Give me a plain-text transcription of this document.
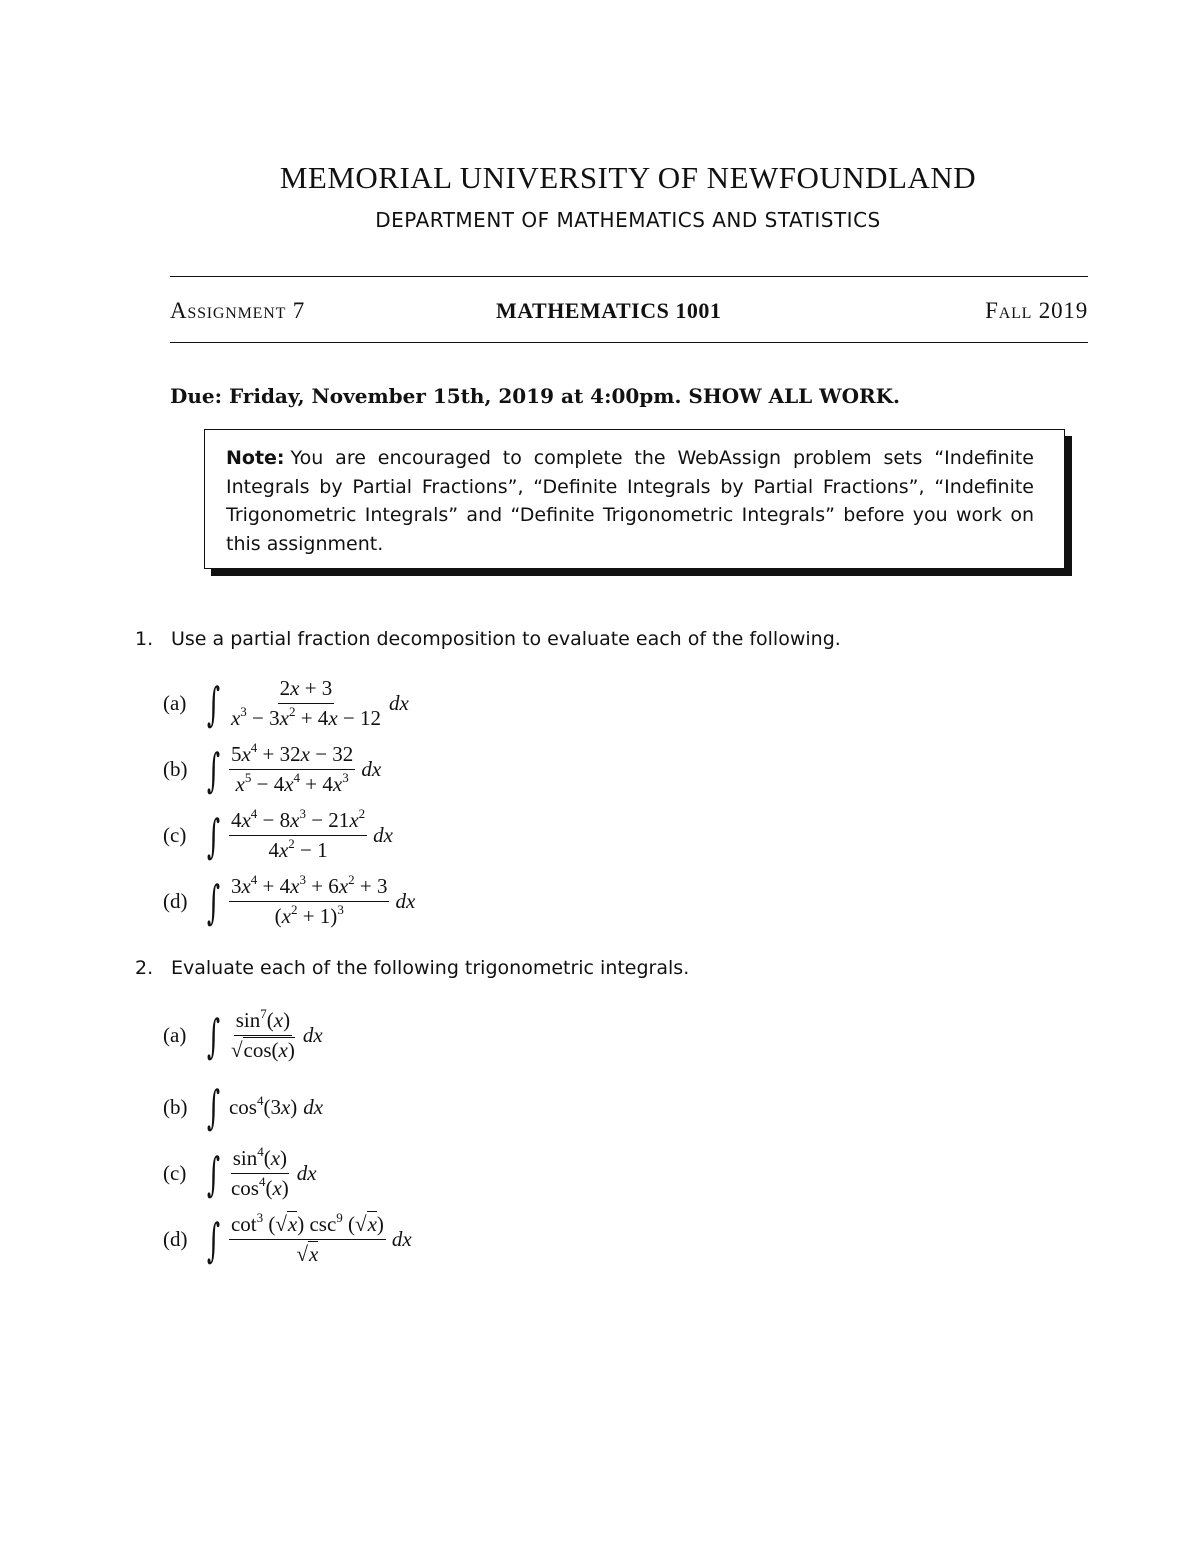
MEMORIAL UNIVERSITY OF NEWFOUNDLAND
DEPARTMENT OF MATHEMATICS AND STATISTICS
Assignment 7	MATHEMATICS 1001	Fall 2019
Due: Friday, November 15th, 2019 at 4:00pm. SHOW ALL WORK.
Note: You are encouraged to complete the WebAssign problem sets “Indefinite Integrals by Partial Fractions”, “Definite Integrals by Partial Fractions”, “Indefinite Trigonometric Integrals” and “Definite Trigonometric Integrals” before you work on this assignment.
1. Use a partial fraction decomposition to evaluate each of the following.
(a) ∫ $\frac{2x + 3}{x^3 - 3x^2 + 4x - 12}$ dx
(b) ∫ $\frac{5x^4 + 32x - 32}{x^5 - 4x^4 + 4x^3}$ dx
(c) ∫ $\frac{4x^4 - 8x^3 - 21x^2}{4x^2 - 1}$ dx
(d) ∫ $\frac{3x^4 + 4x^3 + 6x^2 + 3}{(x^2 + 1)^3}$ dx
2. Evaluate each of the following trigonometric integrals.
(a) ∫ $\frac{\sin^7(x)}{√\cos(x)}$ dx
(b) ∫ $\cos^4(3x)$ dx
(c) ∫ $\frac{\sin^4(x)}{\cos^4(x)}$ dx
(d) ∫ $\frac{\cot^3 (√x) \csc^9 (√x)}{√x}$ dx
